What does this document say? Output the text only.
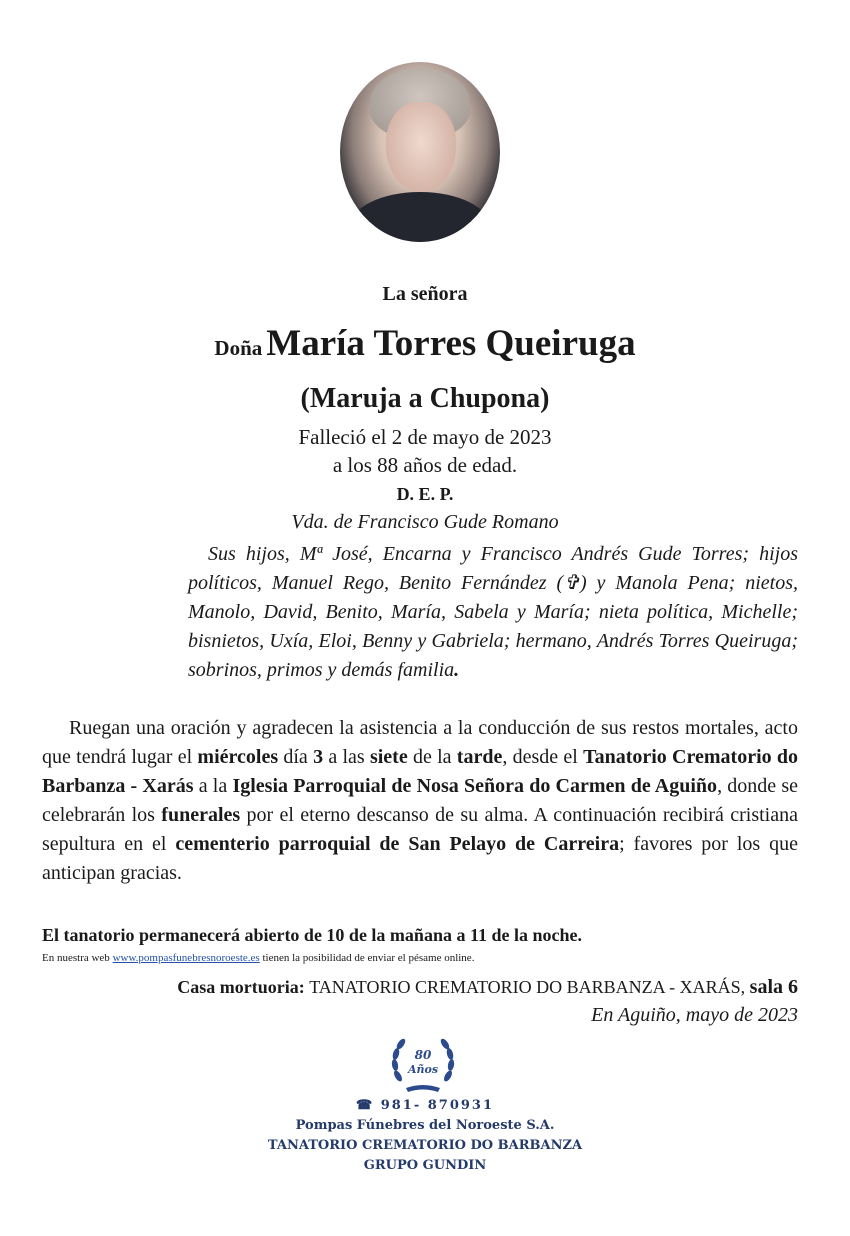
La señora
Doña María Torres Queiruga
(Maruja a Chupona)
Falleció el 2 de mayo de 2023
a los 88 años de edad.
D. E. P.
Vda. de Francisco Gude Romano
Sus hijos, Mª José, Encarna y Francisco Andrés Gude Torres; hijos políticos, Manuel Rego, Benito Fernández (✞) y Manola Pena; nietos, Manolo, David, Benito, María, Sabela y María; nieta política, Michelle; bisnietos, Uxía, Eloi, Benny y Gabriela; hermano, Andrés Torres Queiruga; sobrinos, primos y demás familia.
Ruegan una oración y agradecen la asistencia a la conducción de sus restos mortales, acto que tendrá lugar el miércoles día 3 a las siete de la tarde, desde el Tanatorio Crematorio do Barbanza - Xarás a la Iglesia Parroquial de Nosa Señora do Carmen de Aguiño, donde se celebrarán los funerales por el eterno descanso de su alma. A continuación recibirá cristiana sepultura en el cementerio parroquial de San Pelayo de Carreira; favores por los que anticipan gracias.
El tanatorio permanecerá abierto de 10 de la mañana a 11 de la noche.
En nuestra web www.pompasfunebresnoroeste.es tienen la posibilidad de enviar el pésame online.
Casa mortuoria: TANATORIO CREMATORIO DO BARBANZA - XARÁS, sala 6
En Aguiño, mayo de 2023
80
Años
☎ 981- 870931
Pompas Fúnebres del Noroeste S.A.
TANATORIO CREMATORIO DO BARBANZA
GRUPO GUNDIN
